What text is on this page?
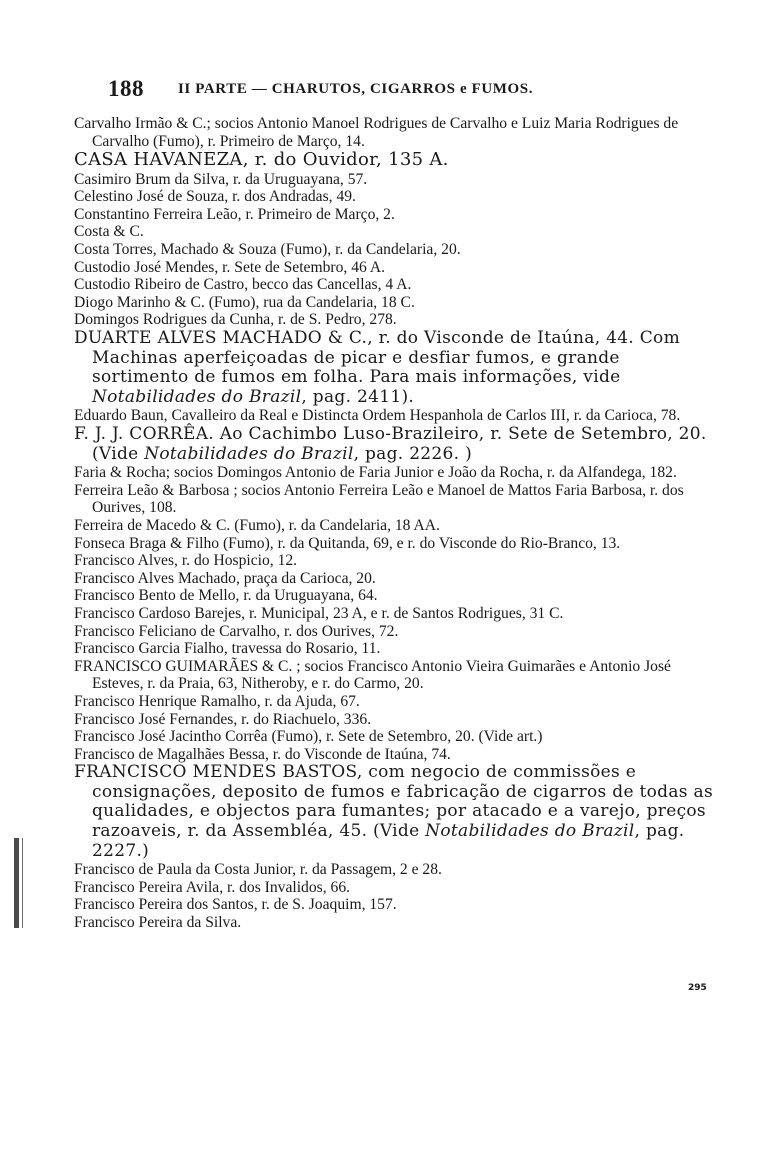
188 II PARTE — CHARUTOS, CIGARROS e FUMOS.

Carvalho Irmão & C.; socios Antonio Manoel Rodrigues de Carvalho e Luiz Maria Rodrigues de Carvalho (Fumo), r. Primeiro de Março, 14.

CASA HAVANEZA, r. do Ouvidor, 135 A.

Casimiro Brum da Silva, r. da Uruguayana, 57.

Celestino José de Souza, r. dos Andradas, 49.

Constantino Ferreira Leão, r. Primeiro de Março, 2.

Costa & C.

Costa Torres, Machado & Souza (Fumo), r. da Candelaria, 20.

Custodio José Mendes, r. Sete de Setembro, 46 A.

Custodio Ribeiro de Castro, becco das Cancellas, 4 A.

Diogo Marinho & C. (Fumo), rua da Candelaria, 18 C.

Domingos Rodrigues da Cunha, r. de S. Pedro, 278.

DUARTE ALVES MACHADO & C., r. do Visconde de Itaúna, 44. Com Machinas aperfeiçoadas de picar e desfiar fumos, e grande sortimento de fumos em folha. Para mais informações, vide Notabilidades do Brazil, pag. 2411).

Eduardo Baun, Cavalleiro da Real e Distincta Ordem Hespanhola de Carlos III, r. da Carioca, 78.

F. J. J. CORRÊA. Ao Cachimbo Luso-Brazileiro, r. Sete de Setembro, 20. (Vide Notabilidades do Brazil, pag. 2226. )

Faria & Rocha; socios Domingos Antonio de Faria Junior e João da Rocha, r. da Alfandega, 182.

Ferreira Leão & Barbosa ; socios Antonio Ferreira Leão e Manoel de Mattos Faria Barbosa, r. dos Ourives, 108.

Ferreira de Macedo & C. (Fumo), r. da Candelaria, 18 AA.

Fonseca Braga & Filho (Fumo), r. da Quitanda, 69, e r. do Visconde do Rio-Branco, 13.

Francisco Alves, r. do Hospicio, 12.

Francisco Alves Machado, praça da Carioca, 20.

Francisco Bento de Mello, r. da Uruguayana, 64.

Francisco Cardoso Barejes, r. Municipal, 23 A, e r. de Santos Rodrigues, 31 C.

Francisco Feliciano de Carvalho, r. dos Ourives, 72.

Francisco Garcia Fialho, travessa do Rosario, 11.

FRANCISCO GUIMARÃES & C. ; socios Francisco Antonio Vieira Guimarães e Antonio José Esteves, r. da Praia, 63, Nitheroby, e r. do Carmo, 20.

Francisco Henrique Ramalho, r. da Ajuda, 67.

Francisco José Fernandes, r. do Riachuelo, 336.

Francisco José Jacintho Corrêa (Fumo), r. Sete de Setembro, 20. (Vide art.)

Francisco de Magalhães Bessa, r. do Visconde de Itaúna, 74.

FRANCISCO MENDES BASTOS, com negocio de commissões e consignações, deposito de fumos e fabricação de cigarros de todas as qualidades, e objectos para fumantes; por atacado e a varejo, preços razoaveis, r. da Assembléa, 45. (Vide Notabilidades do Brazil, pag. 2227.)

Francisco de Paula da Costa Junior, r. da Passagem, 2 e 28.

Francisco Pereira Avila, r. dos Invalidos, 66.

Francisco Pereira dos Santos, r. de S. Joaquim, 157.

Francisco Pereira da Silva.

295
